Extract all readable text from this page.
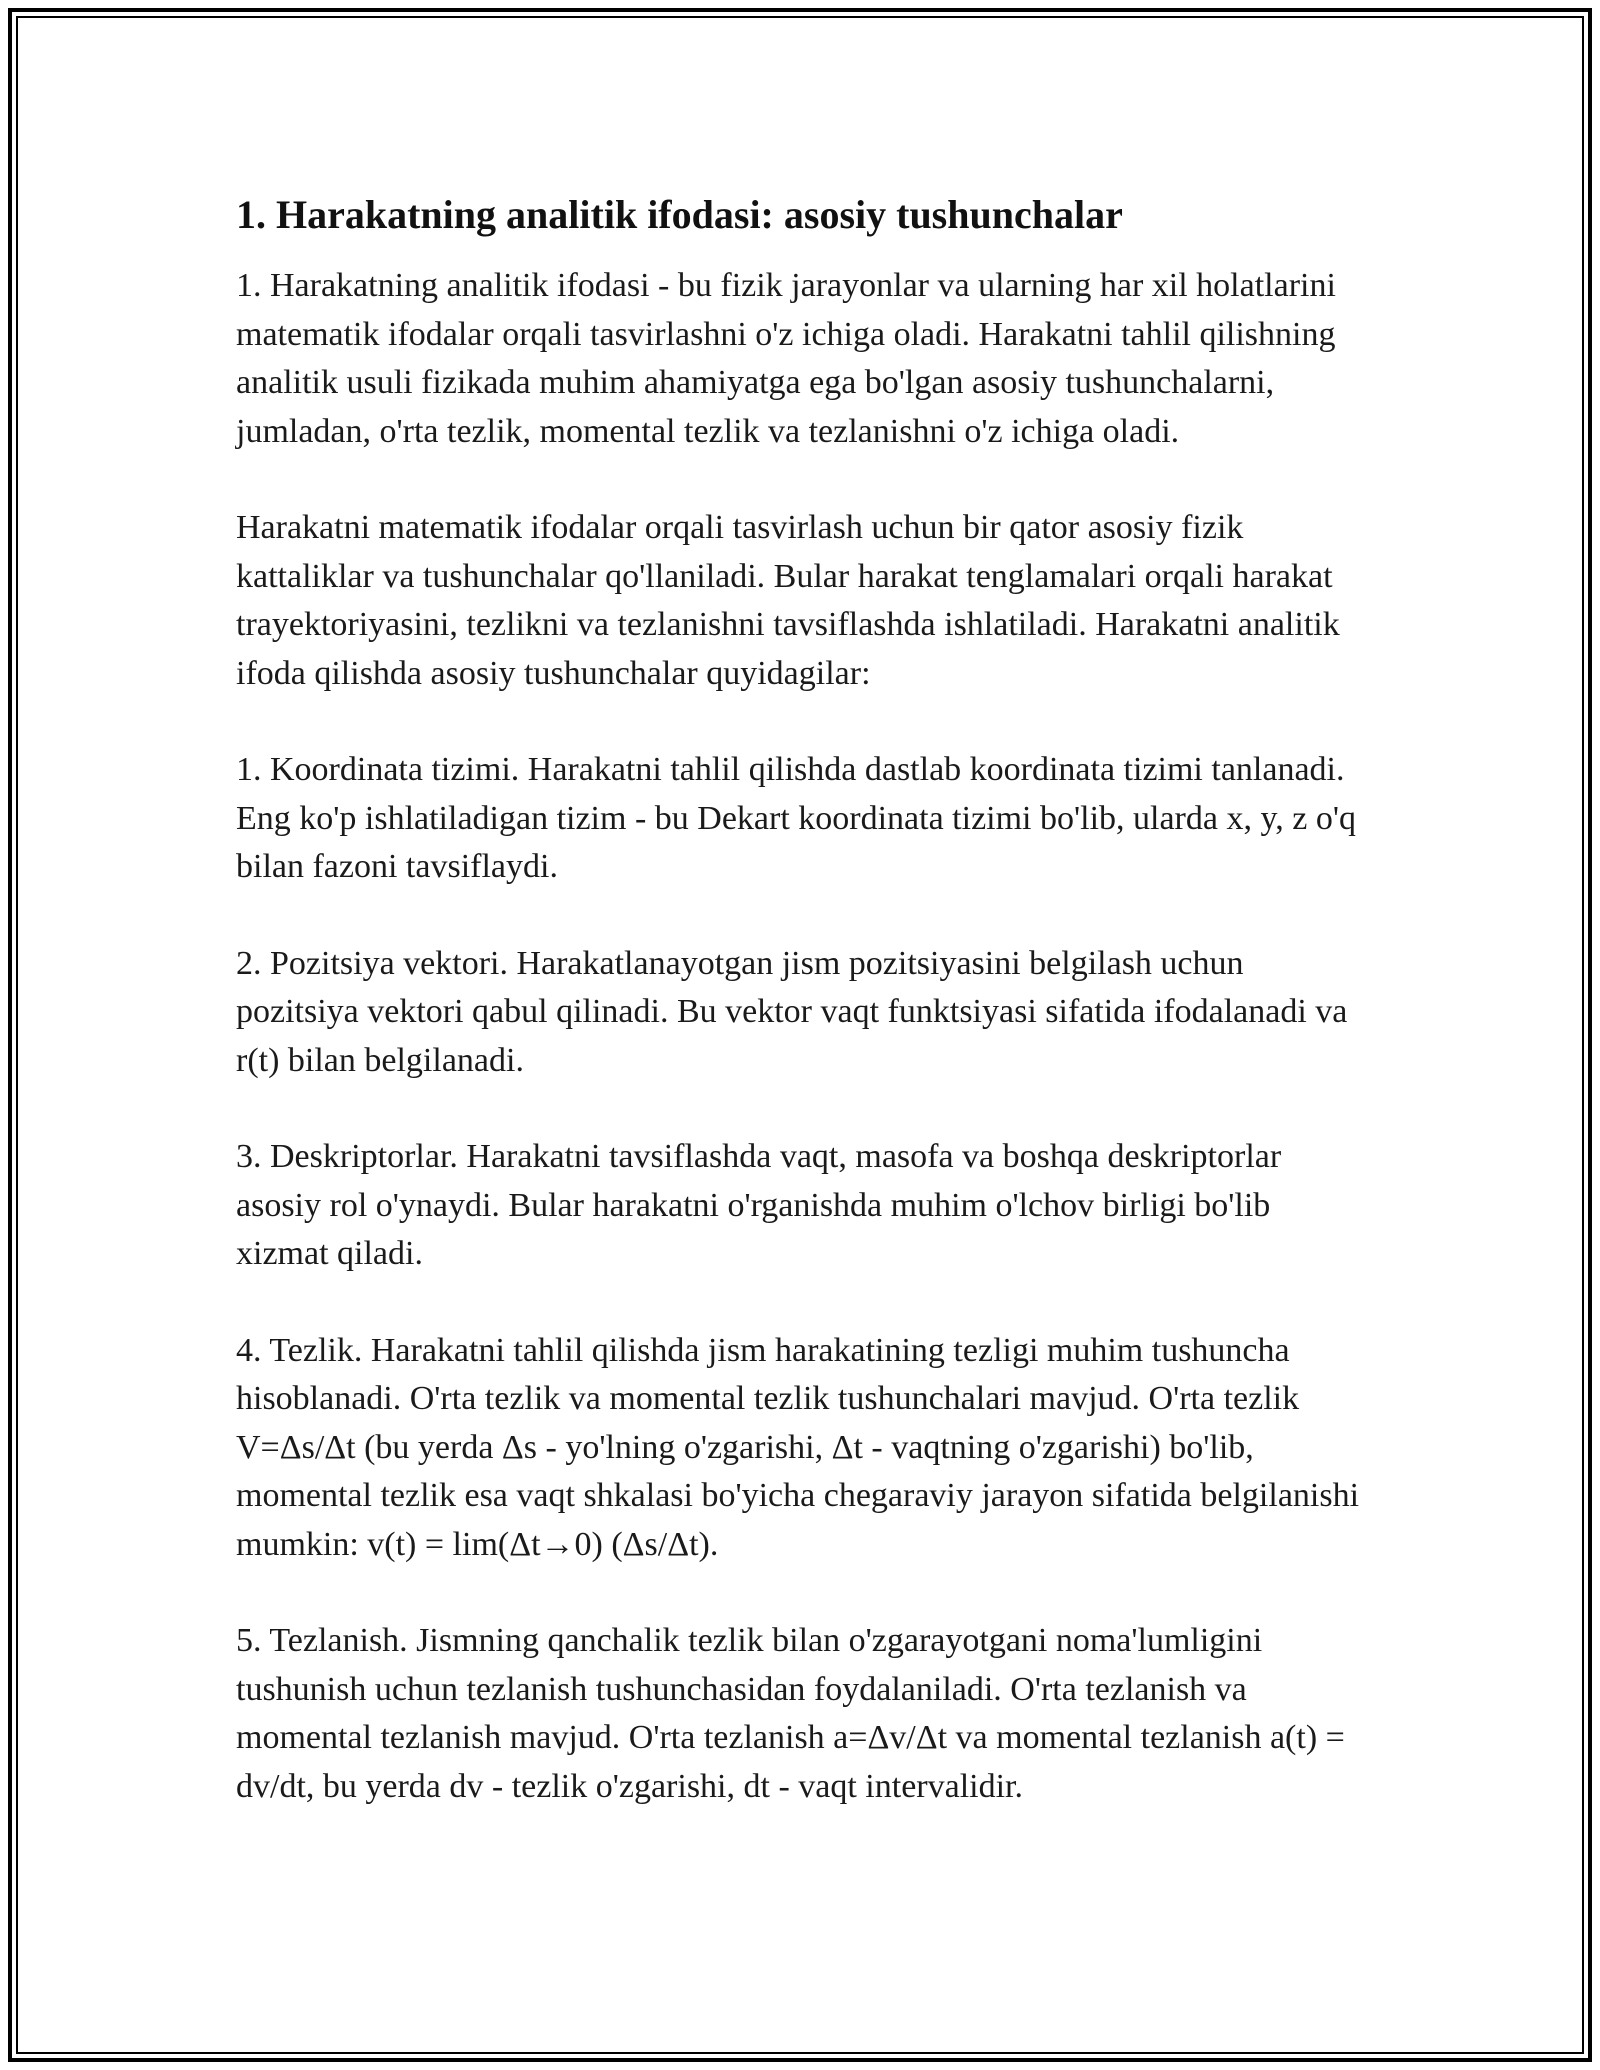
1. Harakatning analitik ifodasi: asosiy tushunchalar

1. Harakatning analitik ifodasi - bu fizik jarayonlar va ularning har xil holatlarini matematik ifodalar orqali tasvirlashni o'z ichiga oladi. Harakatni tahlil qilishning analitik usuli fizikada muhim ahamiyatga ega bo'lgan asosiy tushunchalarni, jumladan, o'rta tezlik, momental tezlik va tezlanishni o'z ichiga oladi.

Harakatni matematik ifodalar orqali tasvirlash uchun bir qator asosiy fizik kattaliklar va tushunchalar qo'llaniladi. Bular harakat tenglamalari orqali harakat trayektoriyasini, tezlikni va tezlanishni tavsiflashda ishlatiladi. Harakatni analitik ifoda qilishda asosiy tushunchalar quyidagilar:

1. Koordinata tizimi. Harakatni tahlil qilishda dastlab koordinata tizimi tanlanadi. Eng ko'p ishlatiladigan tizim - bu Dekart koordinata tizimi bo'lib, ularda x, y, z o'q bilan fazoni tavsiflaydi.

2. Pozitsiya vektori. Harakatlanayotgan jism pozitsiyasini belgilash uchun pozitsiya vektori qabul qilinadi. Bu vektor vaqt funktsiyasi sifatida ifodalanadi va r(t) bilan belgilanadi.

3. Deskriptorlar. Harakatni tavsiflashda vaqt, masofa va boshqa deskriptorlar asosiy rol o'ynaydi. Bular harakatni o'rganishda muhim o'lchov birligi bo'lib xizmat qiladi.

4. Tezlik. Harakatni tahlil qilishda jism harakatining tezligi muhim tushuncha hisoblanadi. O'rta tezlik va momental tezlik tushunchalari mavjud. O'rta tezlik V=Δs/Δt (bu yerda Δs - yo'lning o'zgarishi, Δt - vaqtning o'zgarishi) bo'lib, momental tezlik esa vaqt shkalasi bo'yicha chegaraviy jarayon sifatida belgilanishi mumkin: v(t) = lim(Δt→0) (Δs/Δt).

5. Tezlanish. Jismning qanchalik tezlik bilan o'zgarayotgani noma'lumligini tushunish uchun tezlanish tushunchasidan foydalaniladi. O'rta tezlanish va momental tezlanish mavjud. O'rta tezlanish a=Δv/Δt va momental tezlanish a(t) = dv/dt, bu yerda dv - tezlik o'zgarishi, dt - vaqt intervalidir.
